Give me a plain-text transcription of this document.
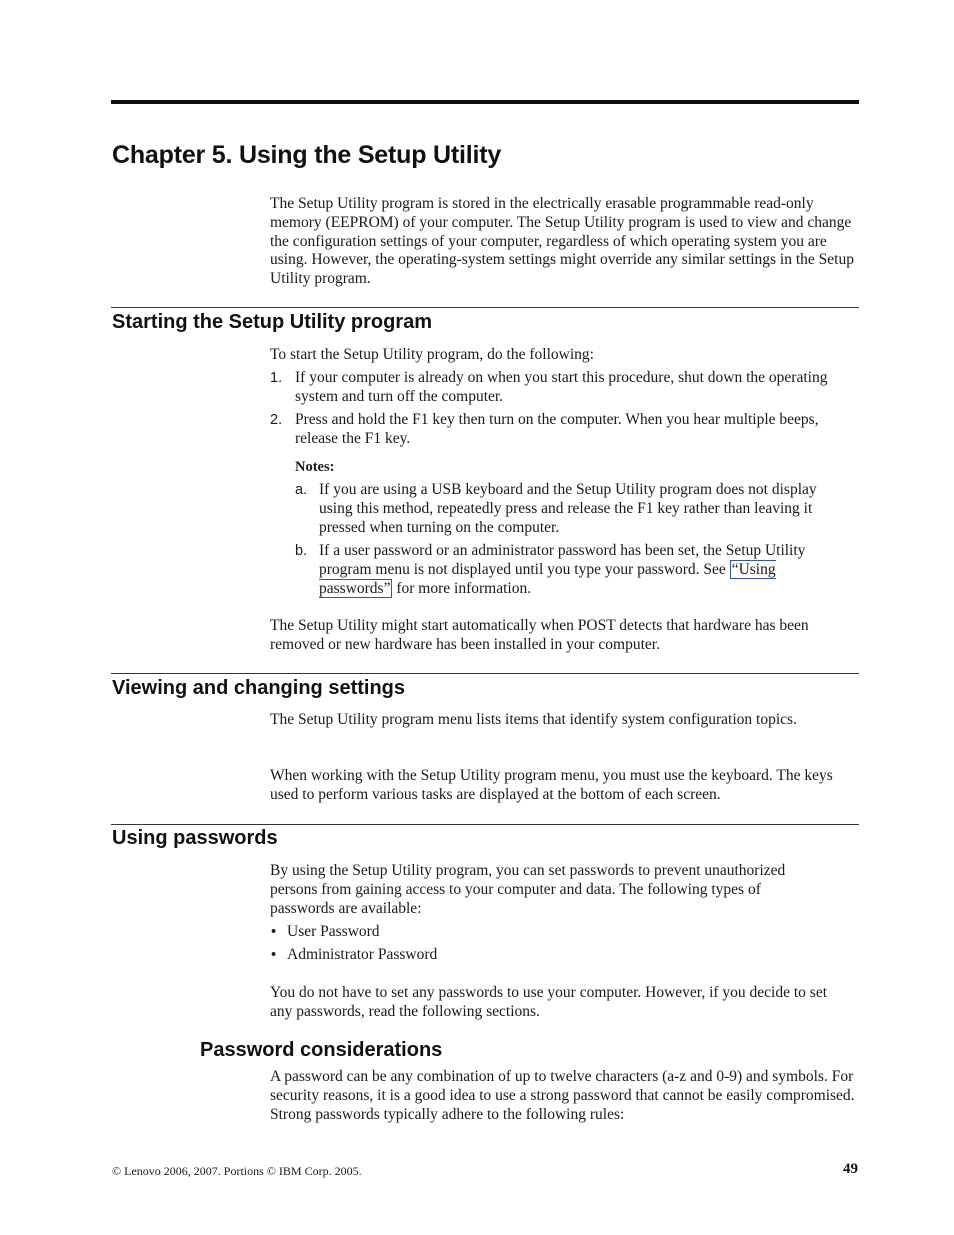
Chapter 5. Using the Setup Utility

The Setup Utility program is stored in the electrically erasable programmable read-only memory (EEPROM) of your computer. The Setup Utility program is used to view and change the configuration settings of your computer, regardless of which operating system you are using. However, the operating-system settings might override any similar settings in the Setup Utility program.

Starting the Setup Utility program

To start the Setup Utility program, do the following:

1. If your computer is already on when you start this procedure, shut down the operating system and turn off the computer.

2. Press and hold the F1 key then turn on the computer. When you hear multiple beeps, release the F1 key.

Notes:

a. If you are using a USB keyboard and the Setup Utility program does not display using this method, repeatedly press and release the F1 key rather than leaving it pressed when turning on the computer.

b. If a user password or an administrator password has been set, the Setup Utility program menu is not displayed until you type your password. See “Using passwords” for more information.

The Setup Utility might start automatically when POST detects that hardware has been removed or new hardware has been installed in your computer.

Viewing and changing settings

The Setup Utility program menu lists items that identify system configuration topics.

When working with the Setup Utility program menu, you must use the keyboard. The keys used to perform various tasks are displayed at the bottom of each screen.

Using passwords

By using the Setup Utility program, you can set passwords to prevent unauthorized persons from gaining access to your computer and data. The following types of passwords are available:

• User Password

• Administrator Password

You do not have to set any passwords to use your computer. However, if you decide to set any passwords, read the following sections.

Password considerations

A password can be any combination of up to twelve characters (a-z and 0-9) and symbols. For security reasons, it is a good idea to use a strong password that cannot be easily compromised. Strong passwords typically adhere to the following rules:

© Lenovo 2006, 2007. Portions © IBM Corp. 2005.	49
